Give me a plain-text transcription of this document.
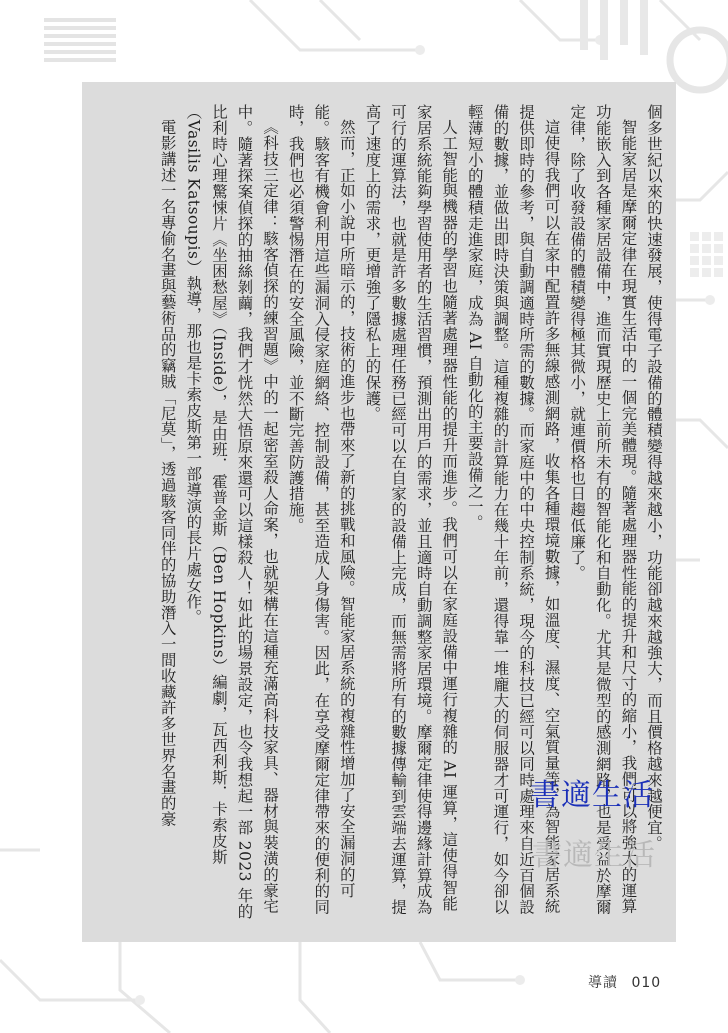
個多世紀以來的快速發展，使得電子設備的體積變得越來越小，功能卻越來越強大，而且價格越來越便宜。

智能家居是摩爾定律在現實生活中的一個完美體現。隨著處理器性能的提升和尺寸的縮小，我們可以將強大的運算功能嵌入到各種家居設備中，進而實現歷史上前所未有的智能化和自動化。尤其是微型的感測網路，也是受益於摩爾定律，除了收發設備的體積變得極其微小，就連價格也日趨低廉了。

這使得我們可以在家中配置許多無線感測網路，收集各種環境數據，如溫度、濕度、空氣質量等，為智能家居系統提供即時的參考，與自動調適時所需的數據。而家庭中的中央控制系統，現今的科技已經可以同時處理來自近百個設備的數據，並做出即時決策與調整。這種複雜的計算能力在幾十年前，還得靠一堆龐大的伺服器才可運行，如今卻以輕薄短小的體積走進家庭，成為 AI 自動化的主要設備之一。

人工智能與機器的學習也隨著處理器性能的提升而進步。我們可以在家庭設備中運行複雜的 AI 運算，這使得智能家居系統能夠學習使用者的生活習慣，預測出用戶的需求，並且適時自動調整家居環境。摩爾定律使得邊緣計算成為可行的運算法，也就是許多數據處理任務已經可以在自家的設備上完成，而無需將所有的數據傳輸到雲端去運算，提高了速度上的需求，更增強了隱私上的保護。

然而，正如小說中所暗示的，技術的進步也帶來了新的挑戰和風險。智能家居系統的複雜性增加了安全漏洞的可能。駭客有機會利用這些漏洞入侵家庭網絡、控制設備，甚至造成人身傷害。因此，在享受摩爾定律帶來的便利的同時，我們也必須警惕潛在的安全風險，並不斷完善防護措施。

《科技三定律：駭客偵探的練習題》中的一起密室殺人命案，也就架構在這種充滿高科技家具、器材與裝潢的豪宅中。隨著探案偵探的抽絲剝繭，我們才恍然大悟原來還可以這樣殺人！如此的場景設定，也令我想起一部 2023 年的比利時心理驚悚片《坐困愁屋》（Inside），是由班．霍普金斯（Ben Hopkins）編劇，瓦西利斯．卡索皮斯（Vasilis Katsoupis）執導，那也是卡索皮斯第一部導演的長片處女作。

電影講述一名專偷名畫與藝術品的竊賊「尼莫」，透過駭客同伴的協助潛入一間收藏許多世界名畫的豪	書適生活
書適生活
導讀 010
